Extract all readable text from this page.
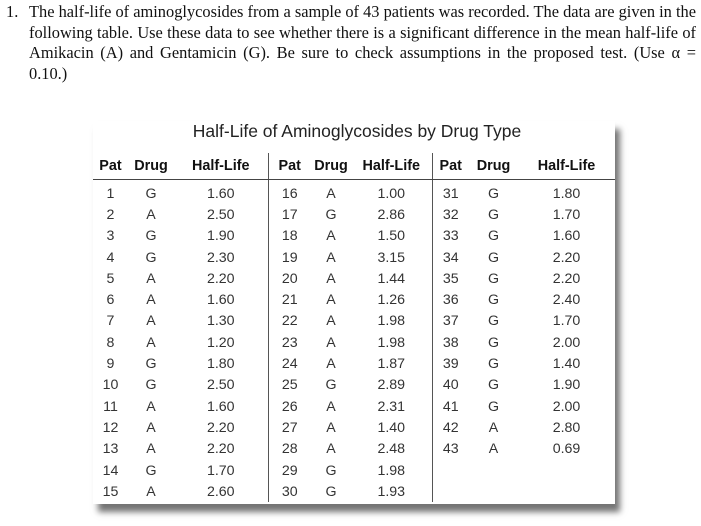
1. The half-life of aminoglycosides from a sample of 43 patients was recorded. The data are given in the following table. Use these data to see whether there is a significant difference in the mean half-life of Amikacin (A) and Gentamicin (G). Be sure to check assumptions in the proposed test. (Use α = 0.10.)
Half-Life of Aminoglycosides by Drug Type
Pat	Drug	Half-Life	Pat	Drug	Half-Life	Pat	Drug	Half-Life
1	G	1.60	16	A	1.00	31	G	1.80
2	A	2.50	17	G	2.86	32	G	1.70
3	G	1.90	18	A	1.50	33	G	1.60
4	G	2.30	19	A	3.15	34	G	2.20
5	A	2.20	20	A	1.44	35	G	2.20
6	A	1.60	21	A	1.26	36	G	2.40
7	A	1.30	22	A	1.98	37	G	1.70
8	A	1.20	23	A	1.98	38	G	2.00
9	G	1.80	24	A	1.87	39	G	1.40
10	G	2.50	25	G	2.89	40	G	1.90
11	A	1.60	26	A	2.31	41	G	2.00
12	A	2.20	27	A	1.40	42	A	2.80
13	A	2.20	28	A	2.48	43	A	0.69
14	G	1.70	29	G	1.98			
15	A	2.60	30	G	1.93			
